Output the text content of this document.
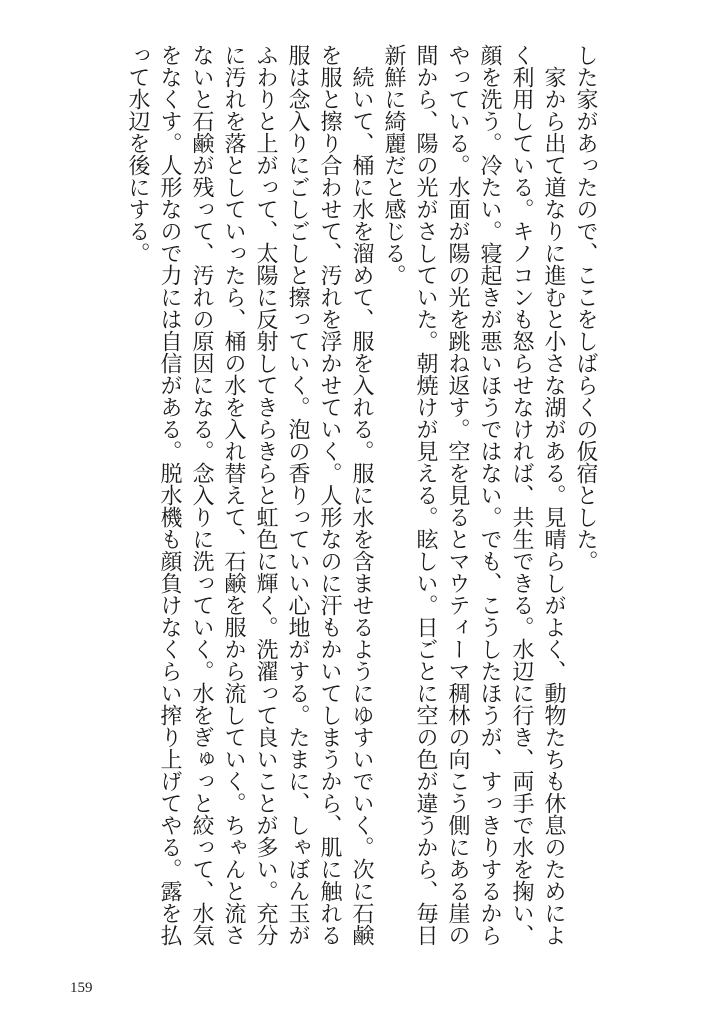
した家があったので、ここをしばらくの仮宿とした。
　家から出て道なりに進むと小さな湖がある。見晴らしがよく、動物たちも休息のためによ
く利用している。キノコンも怒らせなければ、共生できる。水辺に行き、両手で水を掬い、
顔を洗う。冷たい。寝起きが悪いほうではない。でも、こうしたほうが、すっきりするから
やっている。水面が陽の光を跳ね返す。空を見るとマウティーマ稠林の向こう側にある崖の
間から、陽の光がさしていた。朝焼けが見える。眩しい。日ごとに空の色が違うから、毎日
新鮮に綺麗だと感じる。
　続いて、桶に水を溜めて、服を入れる。服に水を含ませるようにゆすいでいく。次に石鹸
を服と擦り合わせて、汚れを浮かせていく。人形なのに汗もかいてしまうから、肌に触れる
服は念入りにごしごしと擦っていく。泡の香りっていい心地がする。たまに、しゃぼん玉が
ふわりと上がって、太陽に反射してきらきらと虹色に輝く。洗濯って良いことが多い。充分
に汚れを落としていったら、桶の水を入れ替えて、石鹸を服から流していく。ちゃんと流さ
ないと石鹸が残って、汚れの原因になる。念入りに洗っていく。水をぎゅっと絞って、水気
をなくす。人形なので力には自信がある。脱水機も顔負けなくらい搾り上げてやる。露を払
って水辺を後にする。
159
